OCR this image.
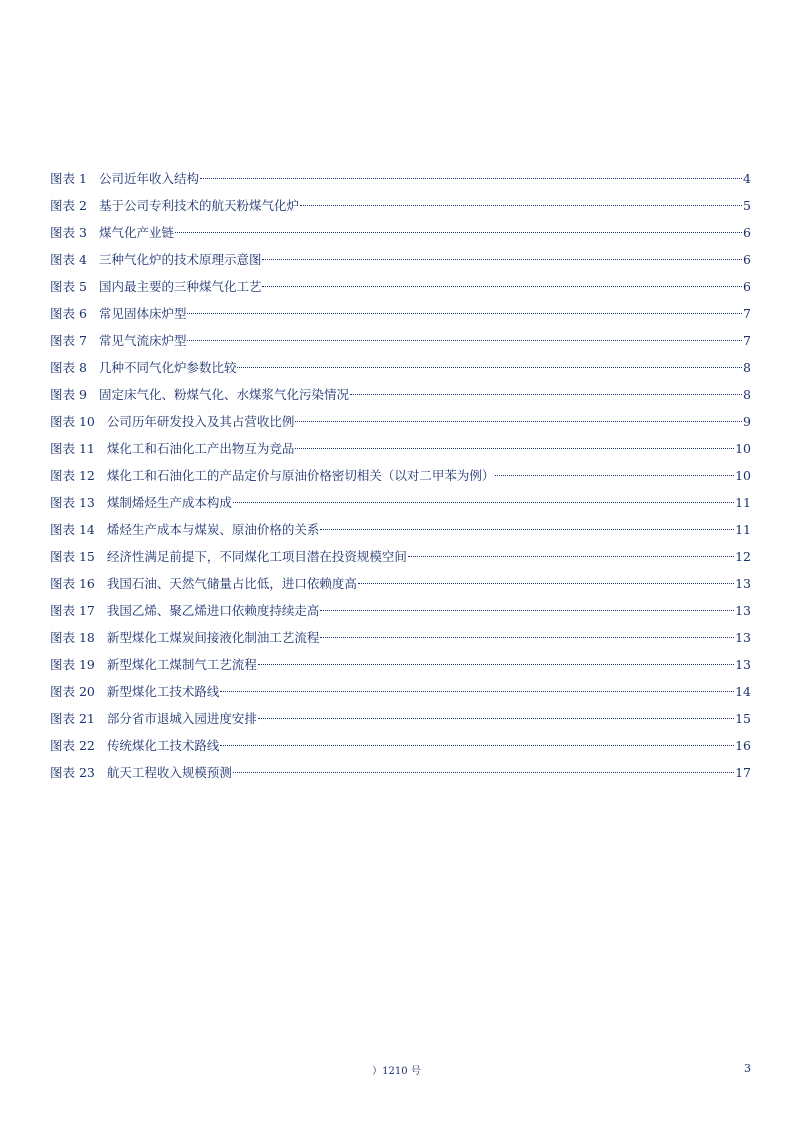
图表 1 公司近年收入结构	4
图表 2 基于公司专利技术的航天粉煤气化炉	5
图表 3 煤气化产业链	6
图表 4 三种气化炉的技术原理示意图	6
图表 5 国内最主要的三种煤气化工艺	6
图表 6 常见固体床炉型	7
图表 7 常见气流床炉型	7
图表 8 几种不同气化炉参数比较	8
图表 9 固定床气化、粉煤气化、水煤浆气化污染情况	8
图表 10 公司历年研发投入及其占营收比例	9
图表 11 煤化工和石油化工产出物互为竞品	10
图表 12 煤化工和石油化工的产品定价与原油价格密切相关（以对二甲苯为例）	10
图表 13 煤制烯烃生产成本构成	11
图表 14 烯烃生产成本与煤炭、原油价格的关系	11
图表 15 经济性满足前提下，不同煤化工项目潜在投资规模空间	12
图表 16 我国石油、天然气储量占比低，进口依赖度高	13
图表 17 我国乙烯、聚乙烯进口依赖度持续走高	13
图表 18 新型煤化工煤炭间接液化制油工艺流程	13
图表 19 新型煤化工煤制气工艺流程	13
图表 20 新型煤化工技术路线	14
图表 21 部分省市退城入园进度安排	15
图表 22 传统煤化工技术路线	16
图表 23 航天工程收入规模预测	17
）1210 号	3
